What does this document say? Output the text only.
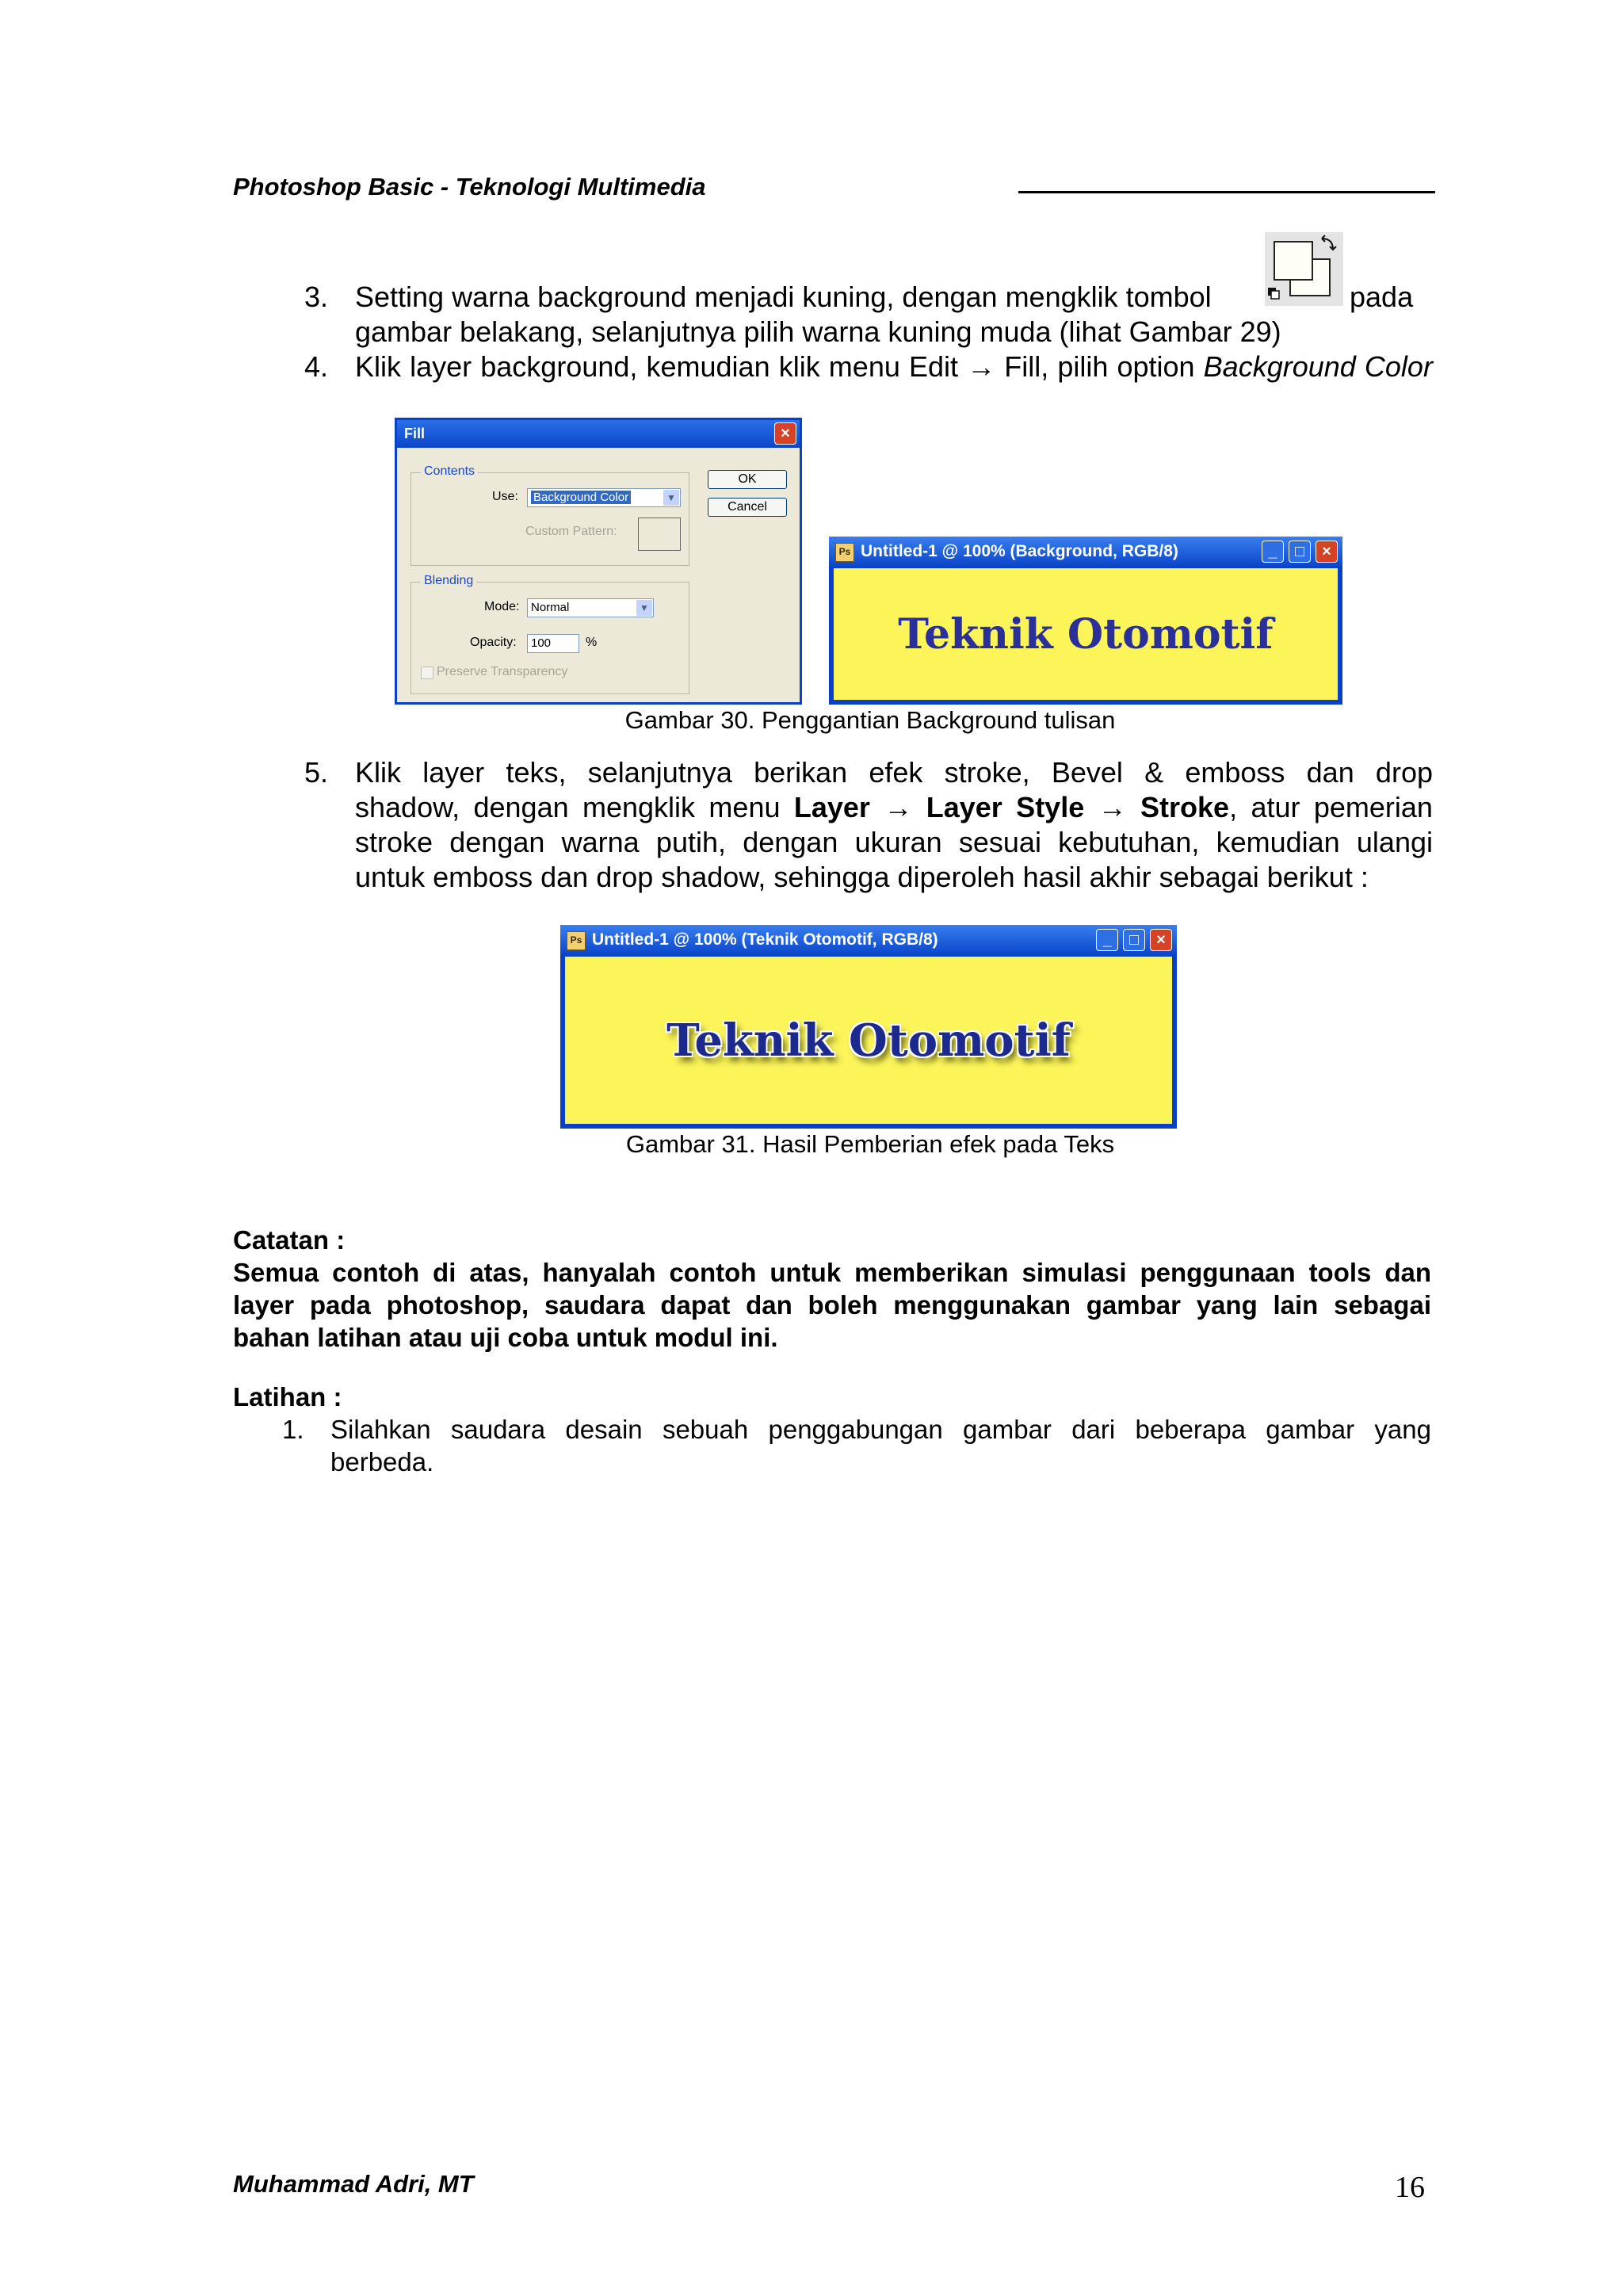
Photoshop Basic - Teknologi Multimedia
3. Setting warna background menjadi kuning, dengan mengklik tombol	pada
gambar belakang, selanjutnya pilih warna kuning muda (lihat Gambar 29)
4. Klik layer background, kemudian klik menu Edit → Fill, pilih option Background Color
Fill	×
Contents
Use:	Background Color	▼
Custom Pattern:
OK
Cancel
Blending
Mode: Normal	▼
Opacity:	100	%
Preserve Transparency
Ps Untitled-1 @ 100% (Background, RGB/8)	_	□	×
Teknik Otomotif
Gambar 30. Penggantian Background tulisan
5. Klik layer teks, selanjutnya berikan efek stroke, Bevel & emboss dan drop
shadow, dengan mengklik menu Layer → Layer Style → Stroke, atur pemerian
stroke dengan warna putih, dengan ukuran sesuai kebutuhan, kemudian ulangi
untuk emboss dan drop shadow, sehingga diperoleh hasil akhir sebagai berikut :
Ps Untitled-1 @ 100% (Teknik Otomotif, RGB/8)	_	□	×
Teknik Otomotif
Gambar 31. Hasil Pemberian efek pada Teks
Catatan :
Semua contoh di atas, hanyalah contoh untuk memberikan simulasi penggunaan tools dan
layer pada photoshop, saudara dapat dan boleh menggunakan gambar yang lain sebagai
bahan latihan atau uji coba untuk modul ini.
Latihan :
1. Silahkan saudara desain sebuah penggabungan gambar dari beberapa gambar yang
berbeda.
Muhammad Adri, MT	16
